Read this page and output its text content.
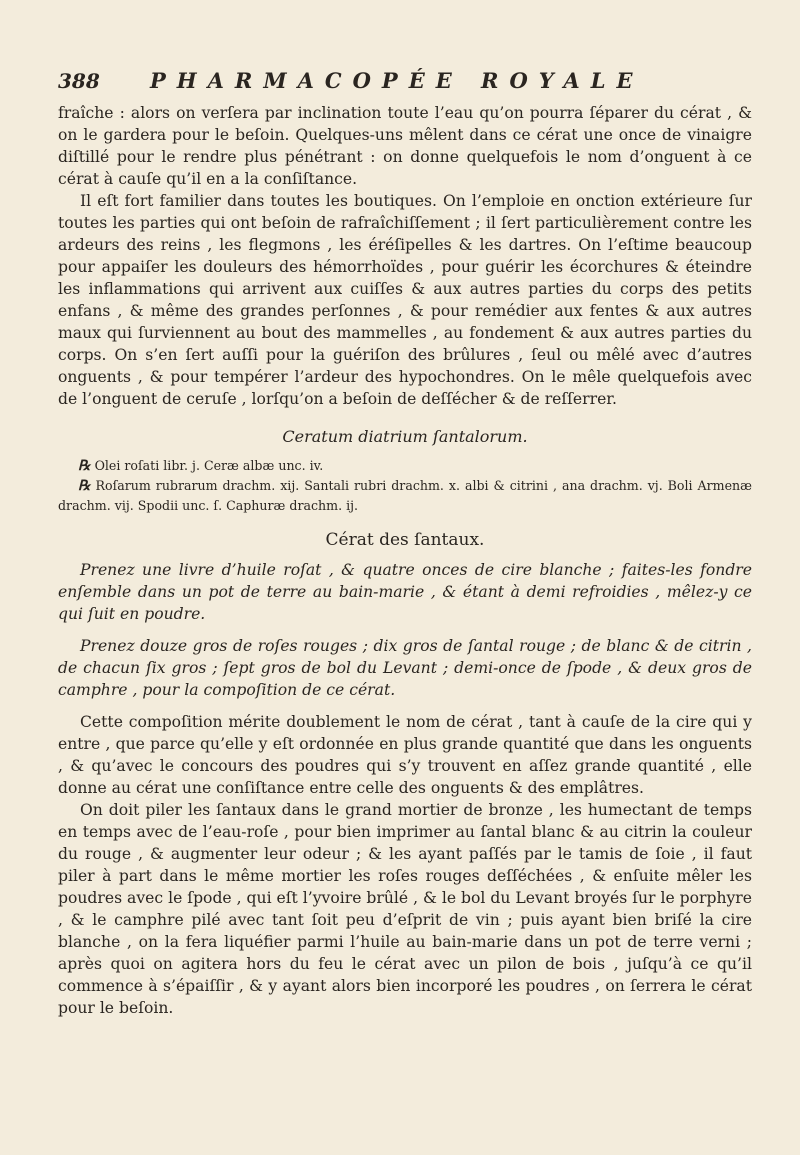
388	PHARMACOPÉE ROYALE

fraîche : alors on verſera par inclination toute l’eau qu’on pourra ſéparer du cérat , & on le gardera pour le beſoin. Quelques-uns mêlent dans ce cérat une once de vinaigre diſtillé pour le rendre plus pénétrant : on donne quelquefois le nom d’onguent à ce cérat à cauſe qu’il en a la conſiſtance.

Il eſt fort familier dans toutes les boutiques. On l’emploie en onction extérieure ſur toutes les parties qui ont beſoin de rafraîchiſſement ; il ſert particulièrement contre les ardeurs des reins , les flegmons , les éréſipelles & les dartres. On l’eſtime beaucoup pour appaiſer les douleurs des hémorrhoïdes , pour guérir les écorchures & éteindre les inflammations qui arrivent aux cuiſſes & aux autres parties du corps des petits enfans , & même des grandes perſonnes , & pour remédier aux fentes & aux autres maux qui ſurviennent au bout des mammelles , au fondement & aux autres parties du corps. On s’en ſert auſſi pour la guériſon des brûlures , ſeul ou mêlé avec d’autres onguents , & pour tempérer l’ardeur des hypochondres. On le mêle quelquefois avec de l’onguent de ceruſe , lorſqu’on a beſoin de deſſécher & de reſſerrer.

Ceratum diatrium ſantalorum.

℞ Olei roſati libr. j. Ceræ albæ unc. iv.

℞ Roſarum rubrarum drachm. xij. Santali rubri drachm. x. albi & citrini , ana drachm. vj. Boli Armenæ drachm. vij. Spodii unc. ſ. Caphuræ drachm. ij.

Cérat des ſantaux.

Prenez une livre d’huile roſat , & quatre onces de cire blanche ; faites-les fondre enſemble dans un pot de terre au bain-marie , & étant à demi refroidies , mêlez-y ce qui ſuit en poudre.

Prenez douze gros de roſes rouges ; dix gros de ſantal rouge ; de blanc & de citrin , de chacun ſix gros ; ſept gros de bol du Levant ; demi-once de ſpode , & deux gros de camphre , pour la compoſition de ce cérat.

Cette compoſition mérite doublement le nom de cérat , tant à cauſe de la cire qui y entre , que parce qu’elle y eſt ordonnée en plus grande quantité que dans les onguents , & qu’avec le concours des poudres qui s’y trouvent en aſſez grande quantité , elle donne au cérat une conſiſtance entre celle des onguents & des emplâtres.

On doit piler les ſantaux dans le grand mortier de bronze , les humectant de temps en temps avec de l’eau-roſe , pour bien imprimer au ſantal blanc & au citrin la couleur du rouge , & augmenter leur odeur ; & les ayant paſſés par le tamis de ſoie , il faut piler à part dans le même mortier les roſes rouges deſſéchées , & enſuite mêler les poudres avec le ſpode , qui eſt l’yvoire brûlé , & le bol du Levant broyés ſur le porphyre , & le camphre pilé avec tant ſoit peu d’eſprit de vin ; puis ayant bien briſé la cire blanche , on la fera liquéfier parmi l’huile au bain-marie dans un pot de terre verni ; après quoi on agitera hors du feu le cérat avec un pilon de bois , juſqu’à ce qu’il commence à s’épaiſſir , & y ayant alors bien incorporé les poudres , on ſerrera le cérat pour le beſoin.
